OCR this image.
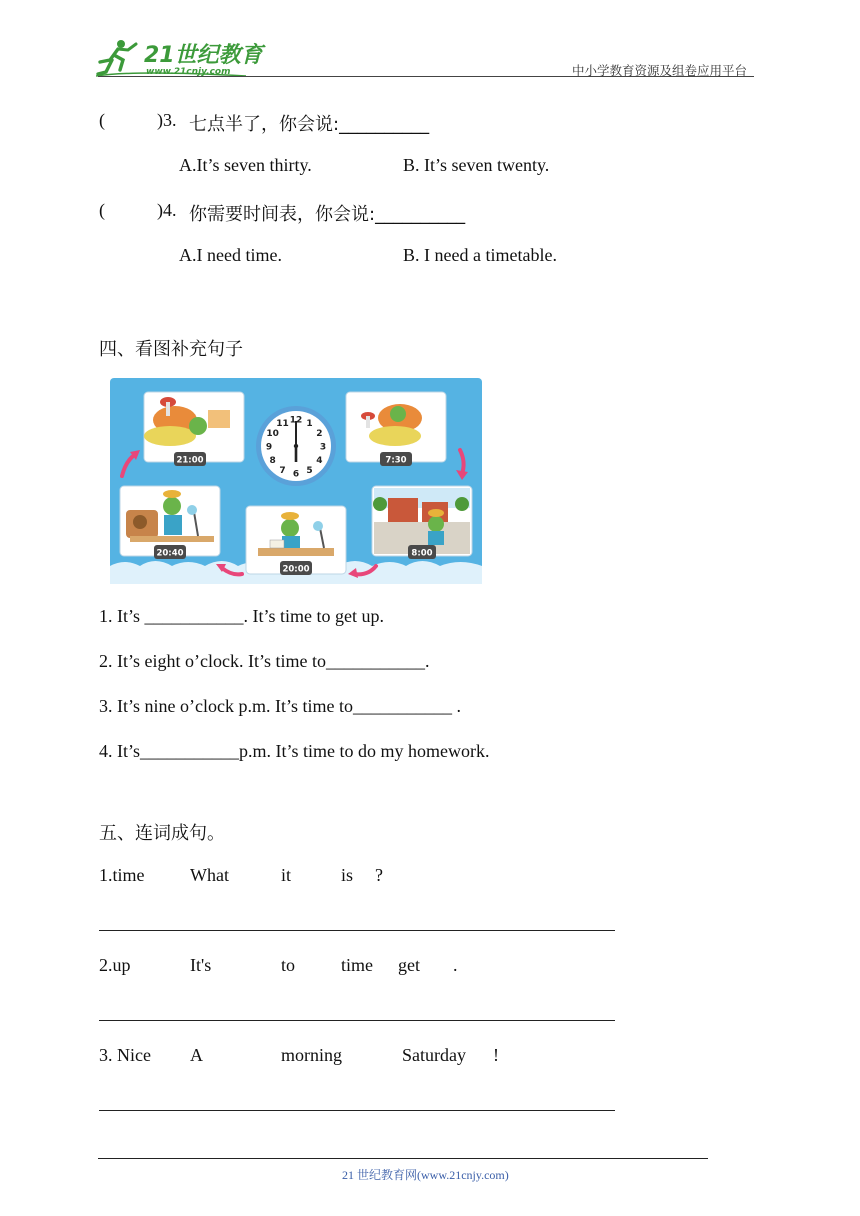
21世纪教育
www.21cnjy.com	中小学教育资源及组卷应用平台
(	)3. 七点半了，你会说:__________
A.It’s seven thirty.	B. It’s seven twenty.
(	)4. 你需要时间表，你会说:__________
A.I need time.	B. I need a timetable.
四、看图补充句子
21:00	7:30
12 1
2
3
4
5
6
7
8
9
10
11
20:40
20:00
8:00
1. It’s ___________. It’s time to get up.
2. It’s eight o’clock. It’s time to___________.
3. It’s nine o’clock p.m. It’s time to___________ .
4. It’s___________p.m. It’s time to do my homework.
五、连词成句。
1.time	What	it	is ?
2.up	It's	to	time get .
3. Nice A	morning	Saturday !
21 世纪教育网(www.21cnjy.com)
